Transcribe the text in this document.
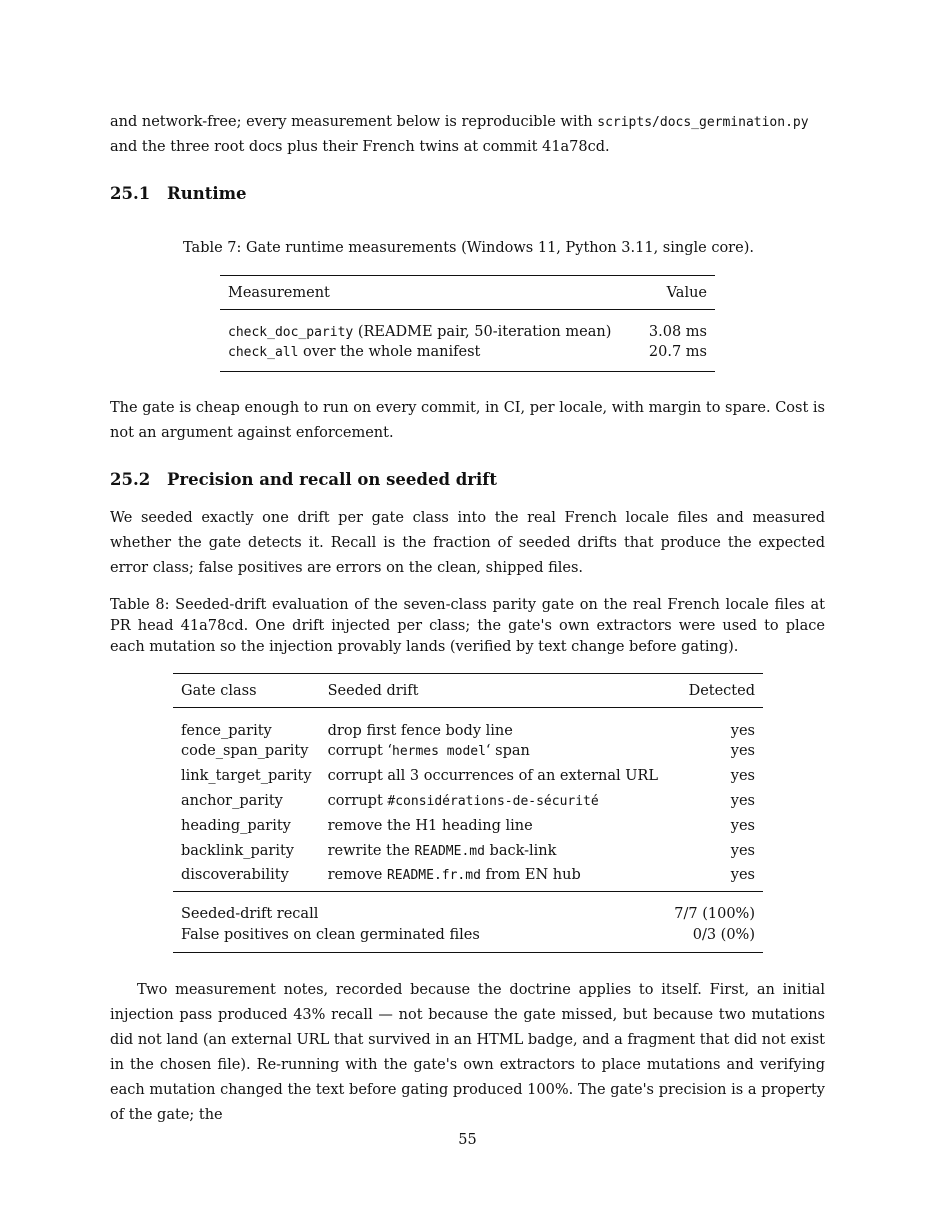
and network-free; every measurement below is reproducible with scripts/docs_germination.py
and the three root docs plus their French twins at commit 41a78cd.

25.1 Runtime

Table 7: Gate runtime measurements (Windows 11, Python 3.11, single core).

Measurement	Value
check_doc_parity (README pair, 50-iteration mean)	3.08 ms
check_all over the whole manifest	20.7 ms

The gate is cheap enough to run on every commit, in CI, per locale, with margin to spare. Cost is not an argument against enforcement.

25.2 Precision and recall on seeded drift

We seeded exactly one drift per gate class into the real French locale files and measured whether the gate detects it. Recall is the fraction of seeded drifts that produce the expected error class; false positives are errors on the clean, shipped files.

Table 8: Seeded-drift evaluation of the seven-class parity gate on the real French locale files at PR head 41a78cd. One drift injected per class; the gate's own extractors were used to place each mutation so the injection provably lands (verified by text change before gating).

Gate class	Seeded drift	Detected
fence_parity	drop first fence body line	yes
code_span_parity	corrupt ‘hermes model‘ span	yes
link_target_parity	corrupt all 3 occurrences of an external URL	yes
anchor_parity	corrupt #considérations-de-sécurité	yes
heading_parity	remove the H1 heading line	yes
backlink_parity	rewrite the README.md back-link	yes
discoverability	remove README.fr.md from EN hub	yes
Seeded-drift recall		7/7 (100%)
False positives on clean germinated files		0/3 (0%)

Two measurement notes, recorded because the doctrine applies to itself. First, an initial injection pass produced 43% recall — not because the gate missed, but because two mutations did not land (an external URL that survived in an HTML badge, and a fragment that did not exist in the chosen file). Re-running with the gate's own extractors to place mutations and verifying each mutation changed the text before gating produced 100%. The gate's precision is a property of the gate; the

55
